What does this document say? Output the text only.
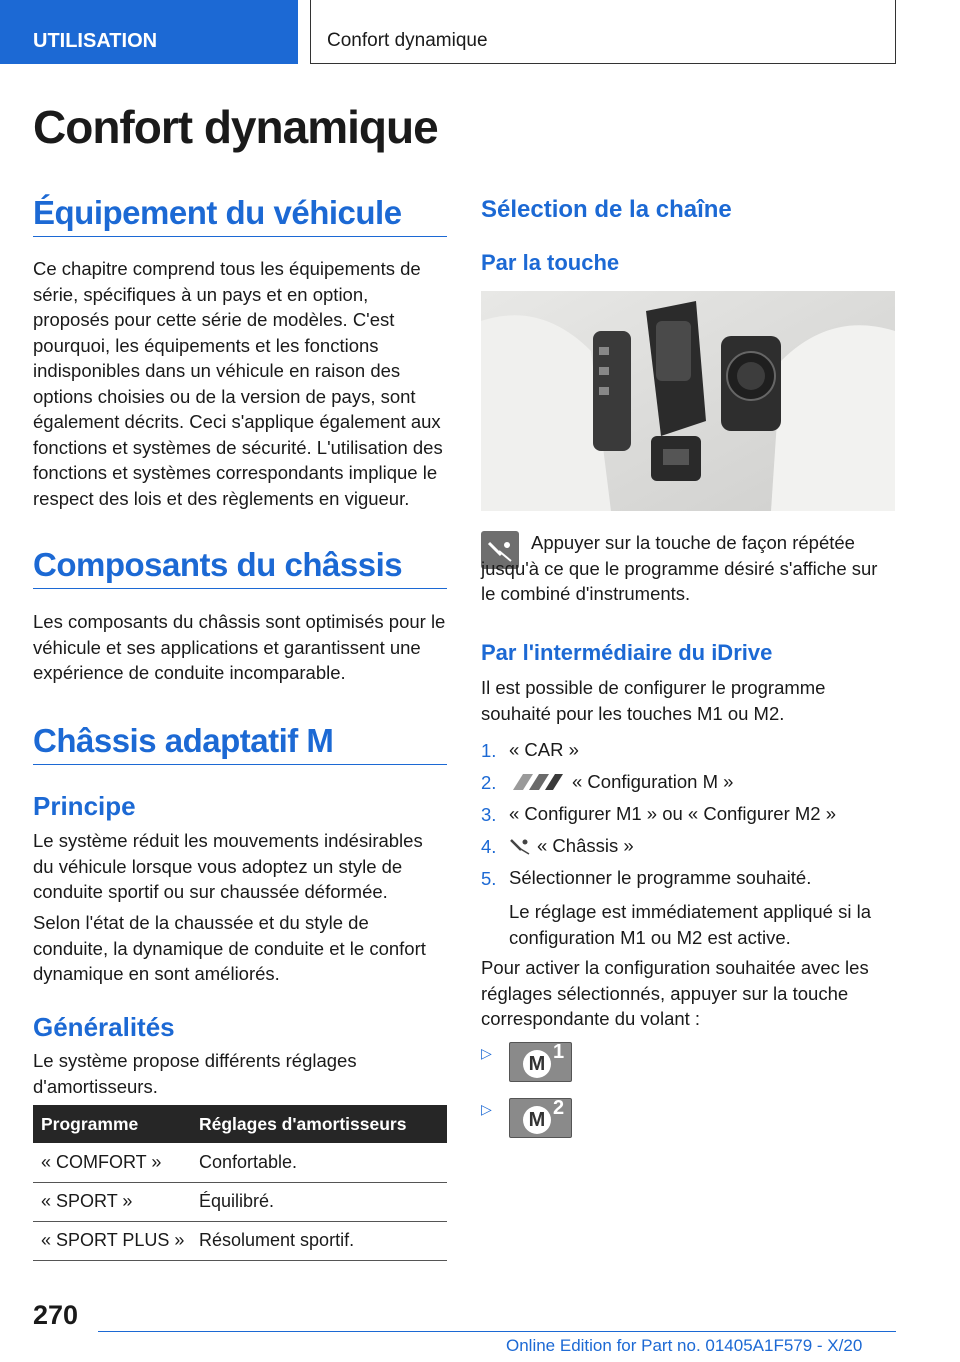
UTILISATION	Confort dynamique
Confort dynamique
Équipement du véhicule

Ce chapitre comprend tous les équipements de série, spécifiques à un pays et en option, proposés pour cette série de modèles. C'est pourquoi, les équipements et les fonctions indisponibles dans un véhicule en raison des options choisies ou de la version de pays, sont également décrits. Ceci s'applique également aux fonctions et systèmes de sécurité. L'utilisation des fonctions et systèmes correspondants implique le respect des lois et des règlements en vigueur.

Composants du châssis

Les composants du châssis sont optimisés pour le véhicule et ses applications et garantissent une expérience de conduite incomparable.

Châssis adaptatif M
Principe

Le système réduit les mouvements indésirables du véhicule lorsque vous adoptez un style de conduite sportif ou sur chaussée déformée.

Selon l'état de la chaussée et du style de conduite, la dynamique de conduite et le confort dynamique en sont améliorés.

Généralités

Le système propose différents réglages d'amortisseurs.

Programme	Réglages d'amortisseurs
« COMFORT »	Confortable.
« SPORT »	Équilibré.
« SPORT PLUS »	Résolument sportif.
Sélection de la chaîne
Par la touche

Appuyer sur la touche de façon répétée jusqu'à ce que le programme désiré s'affiche sur le combiné d'instruments.

Par l'intermédiaire du iDrive

Il est possible de configurer le programme souhaité pour les touches M1 ou M2.

1. « CAR »
2.	« Configuration M »
3. « Configurer M1 » ou « Configurer M2 »
4. « Châssis »
5. Sélectionner le programme souhaité.

Le réglage est immédiatement appliqué si la configuration M1 ou M2 est active.

Pour activer la configuration souhaitée avec les réglages sélectionnés, appuyer sur la touche correspondante du volant :

▷ M
1
▷ M
2
270
Online Edition for Part no. 01405A1F579 - X/20
